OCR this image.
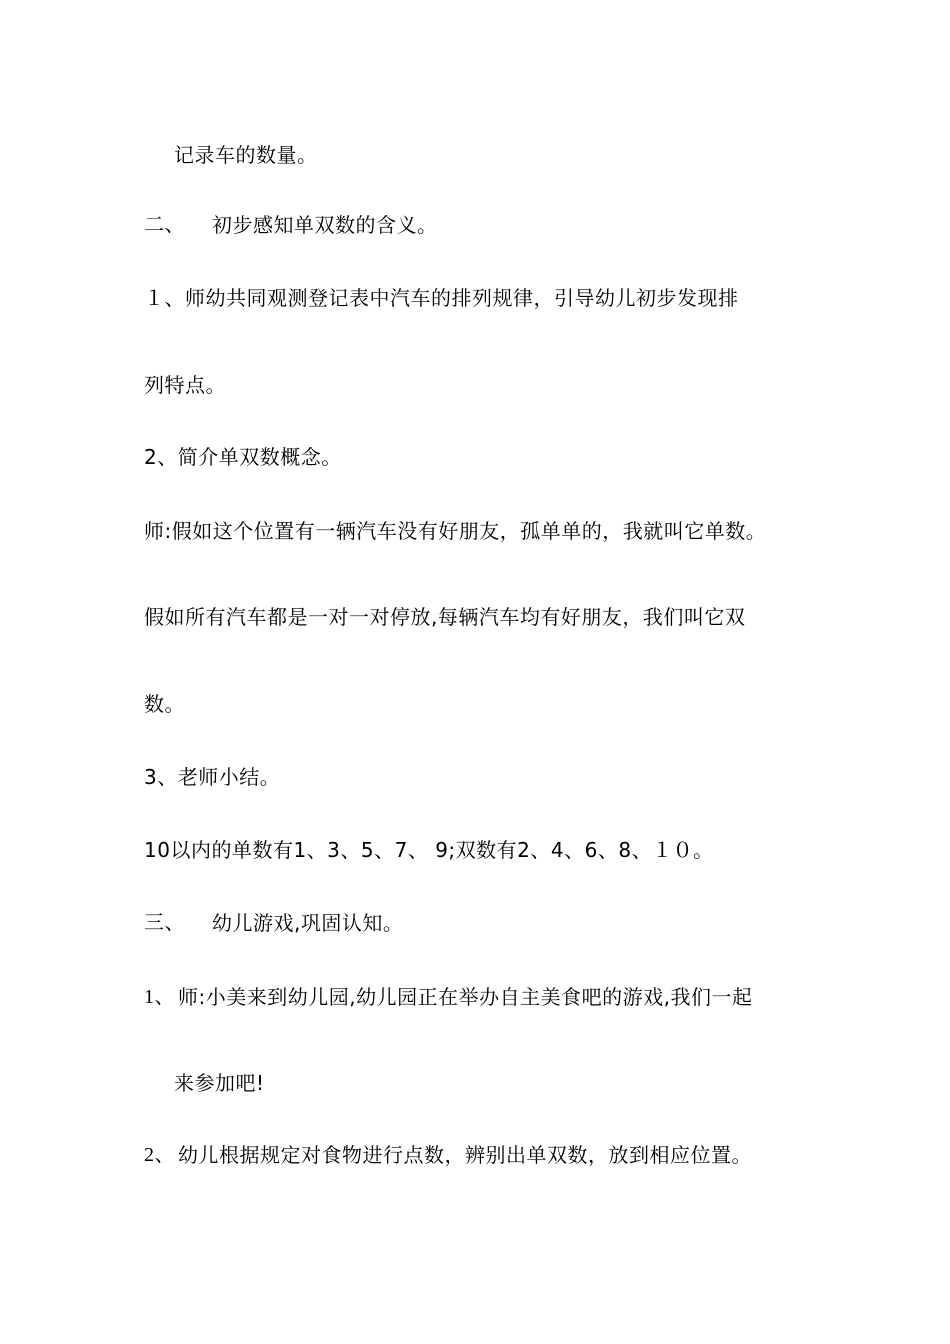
记录车的数量。
二、 初步感知单双数的含义。
１、师幼共同观测登记表中汽车的排列规律，引导幼儿初步发现排
列特点。
2、简介单双数概念。
师:假如这个位置有一辆汽车没有好朋友，孤单单的，我就叫它单数。
假如所有汽车都是一对一对停放,每辆汽车均有好朋友，我们叫它双
数。
3、老师小结。
10以内的单数有1、3、5、7、 9;双数有2、4、6、8、１０。
三、 幼儿游戏,巩固认知。
1、 师:小美来到幼儿园,幼儿园正在举办自主美食吧的游戏,我们一起
来参加吧!
2、 幼儿根据规定对食物进行点数，辨别出单双数，放到相应位置。
